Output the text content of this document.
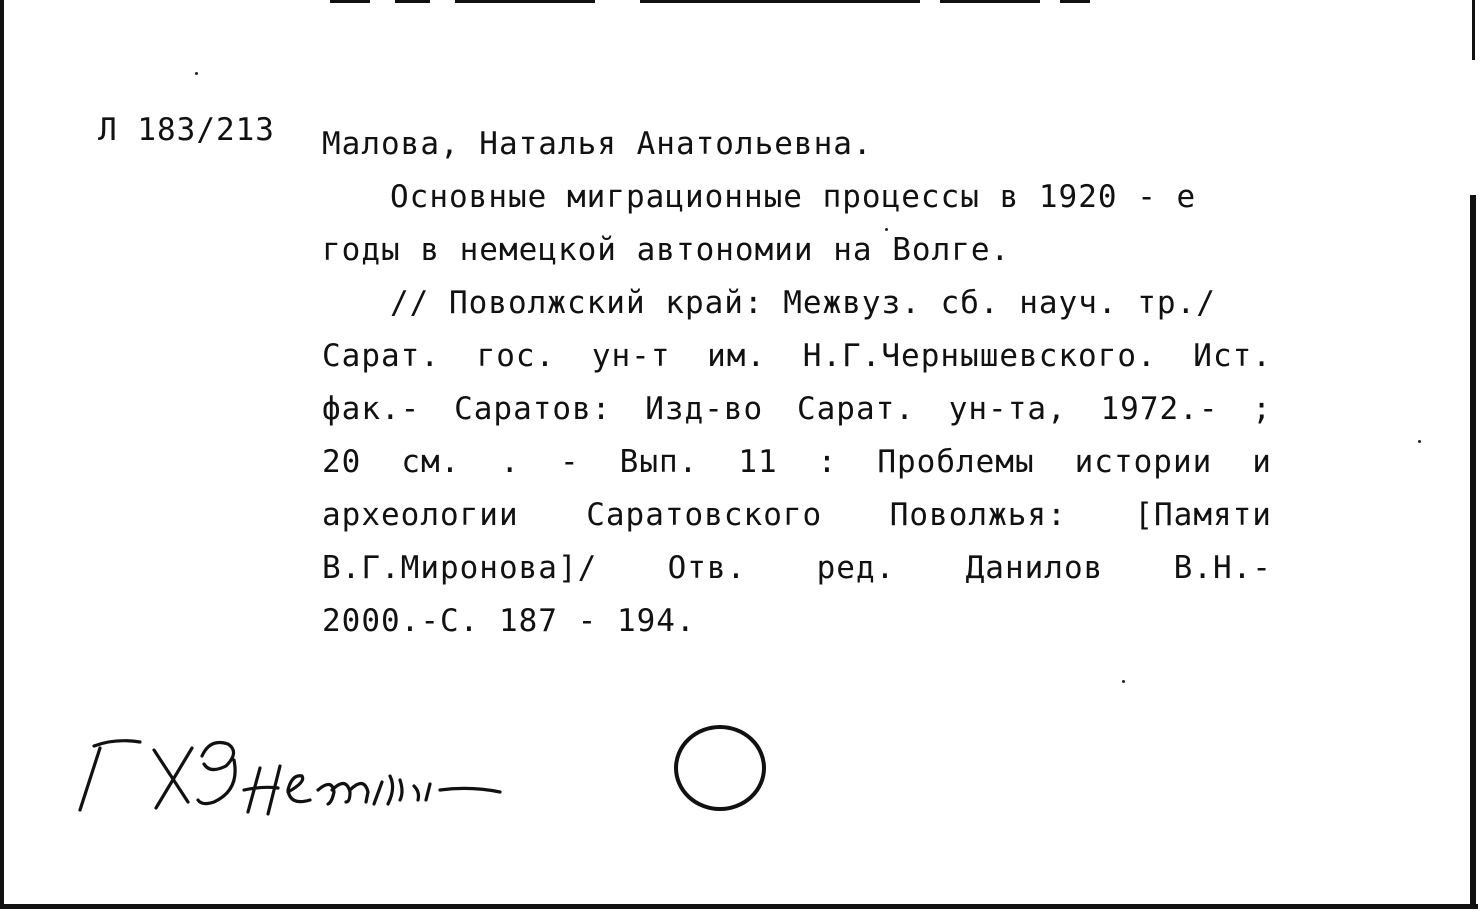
Л 183/213 Малова, Наталья Анатольевна.
Основные миграционные процессы в 1920 - е
годы в немецкой автономии на Волге.
// Поволжский край: Межвуз. сб. науч. тр./
Сарат. гос. ун-т им. Н.Г.Чернышевского. Ист.
фак.- Саратов: Изд-во Сарат. ун-та, 1972.- ;
20 см. . - Вып. 11 : Проблемы истории и
археологии Саратовского Поволжья: [Памяти
В.Г.Миронова]/ Отв. ред. Данилов В.Н.-
2000.-С. 187 - 194.
